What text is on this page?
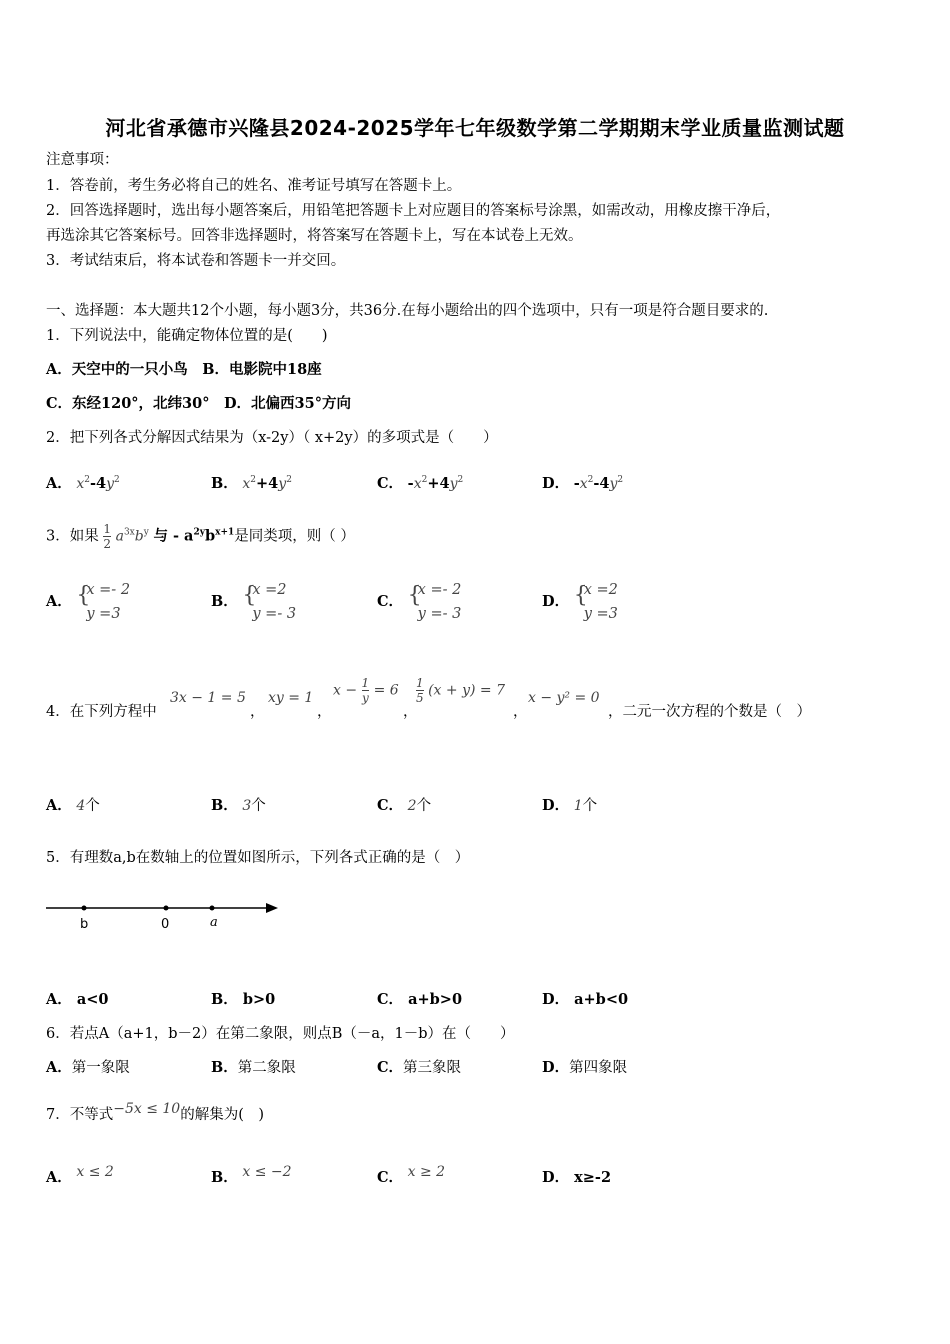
河北省承德市兴隆县2024-2025学年七年级数学第二学期期末学业质量监测试题
注意事项：
1．答卷前，考生务必将自己的姓名、准考证号填写在答题卡上。
2．回答选择题时，选出每小题答案后，用铅笔把答题卡上对应题目的答案标号涂黑，如需改动，用橡皮擦干净后，
再选涂其它答案标号。回答非选择题时，将答案写在答题卡上，写在本试卷上无效。
3．考试结束后，将本试卷和答题卡一并交回。
一、选择题：本大题共12个小题，每小题3分，共36分.在每小题给出的四个选项中，只有一项是符合题目要求的.
1．下列说法中，能确定物体位置的是(　　)
A．天空中的一只小鸟　B．电影院中18座
C．东经120°，北纬30°　D．北偏西35°方向
2．把下列各式分解因式结果为（x-2y）（ x+2y）的多项式是（　　）
A． $x^2-4y^2$	B． $x^2+4y^2$	C． $-x^2+4y^2$	D． $-x^2-4y^2$
3．如果 $\frac{1}{2} a^{3x}b^y$ 与 - $a^{2y}b^{x+1}$是同类项，则（ ）
A． {
x =- 2
y =3
B． {
x =2
y =- 3
C． {
x =- 2
y =- 3
D． {
x =2
y =3
4．在下列方程中
3x − 1 = 5
，
xy = 1
，
$x - \frac{1}{y} = 6$
，
$\frac{1}{5} (x + y) = 7$
，
x − y² = 0
，二元一次方程的个数是（　）
A． 4个	B． 3个	C． 2个	D． 1个
5．有理数a,b在数轴上的位置如图所示，下列各式正确的是（　）
b	0	a
A． a<0	B． b>0	C． a+b>0	D． a+b<0
6．若点A（a+1，b－2）在第二象限，则点B（－a，1－b）在（　　）
A．第一象限	B．第二象限	C．第三象限	D．第四象限
7．不等式−5x ≤ 10的解集为(　)
A． x ≤ 2	B． x ≤ −2	C． x ≥ 2	D． x≥-2
